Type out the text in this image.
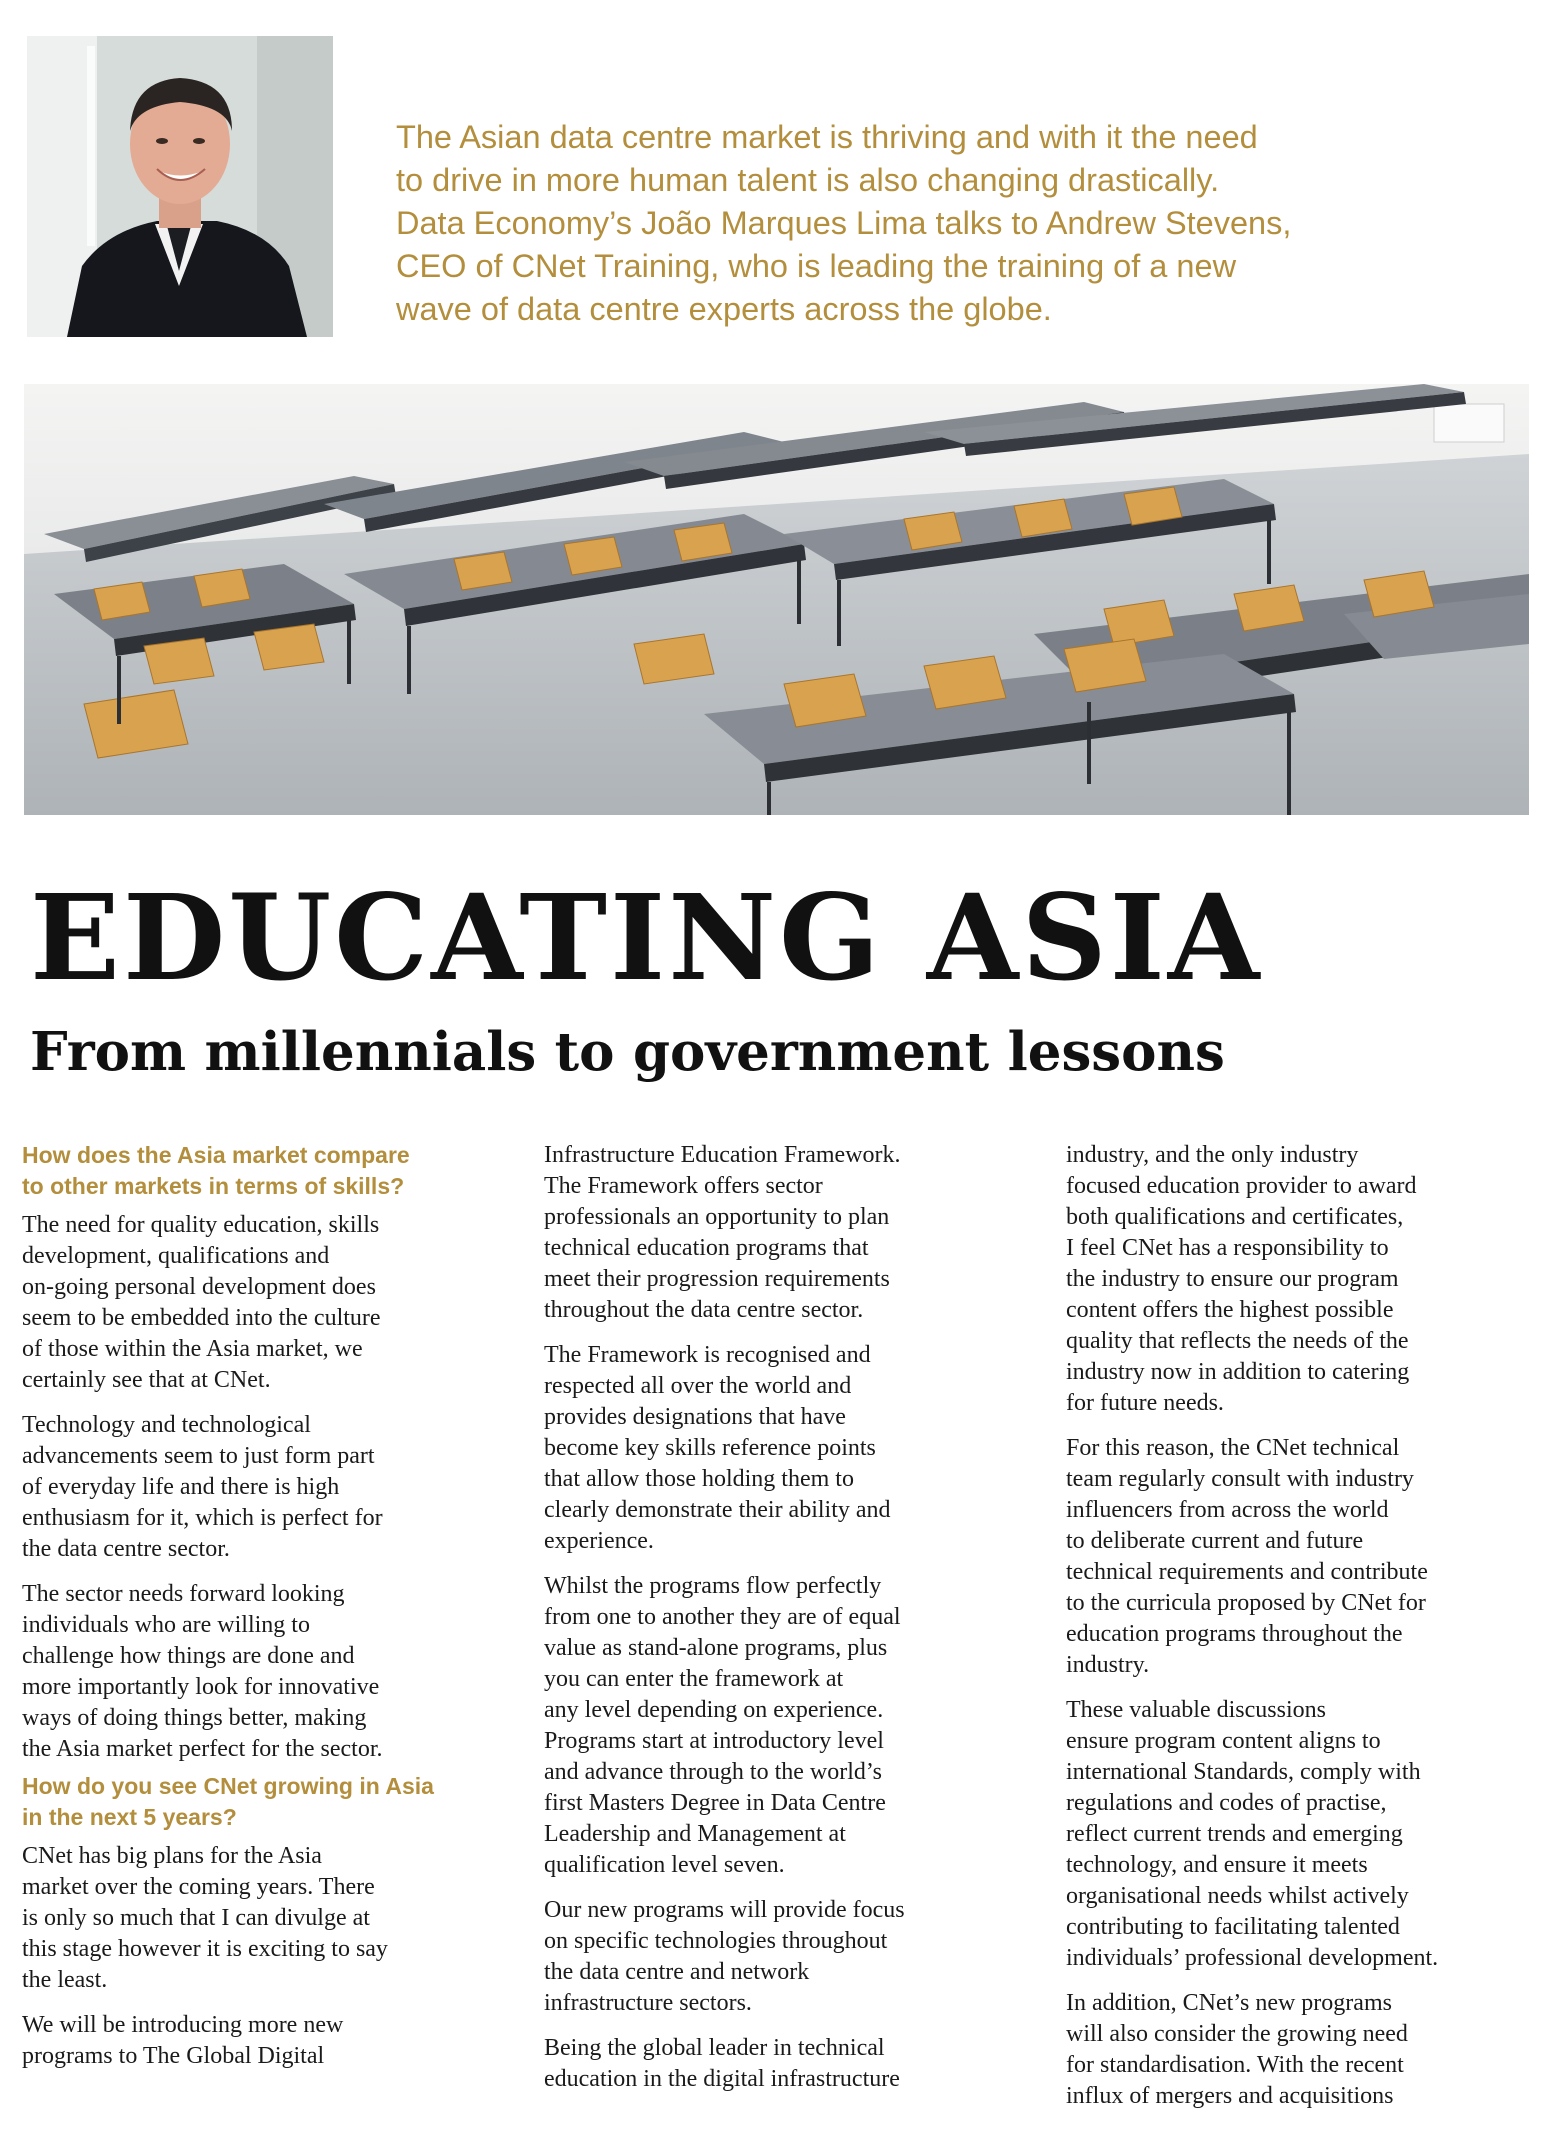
The Asian data centre market is thriving and with it the need

to drive in more human talent is also changing drastically.

Data Economy’s João Marques Lima talks to Andrew Stevens,

CEO of CNet Training, who is leading the training of a new

wave of data centre experts across the globe.

EDUCATING ASIA
From millennials to government lessons
How does the Asia market compare
to other markets in terms of skills?
The need for quality education, skills
development, qualifications and
on-going personal development does
seem to be embedded into the culture
of those within the Asia market, we
certainly see that at CNet.
Technology and technological
advancements seem to just form part
of everyday life and there is high
enthusiasm for it, which is perfect for
the data centre sector.
The sector needs forward looking
individuals who are willing to
challenge how things are done and
more importantly look for innovative
ways of doing things better, making
the Asia market perfect for the sector.
How do you see CNet growing in Asia
in the next 5 years?
CNet has big plans for the Asia
market over the coming years. There
is only so much that I can divulge at
this stage however it is exciting to say
the least.
We will be introducing more new
programs to The Global Digital
Infrastructure Education Framework.
The Framework offers sector
professionals an opportunity to plan
technical education programs that
meet their progression requirements
throughout the data centre sector.
The Framework is recognised and
respected all over the world and
provides designations that have
become key skills reference points
that allow those holding them to
clearly demonstrate their ability and
experience.
Whilst the programs flow perfectly
from one to another they are of equal
value as stand-alone programs, plus
you can enter the framework at
any level depending on experience.
Programs start at introductory level
and advance through to the world’s
first Masters Degree in Data Centre
Leadership and Management at
qualification level seven.
Our new programs will provide focus
on specific technologies throughout
the data centre and network
infrastructure sectors.
Being the global leader in technical
education in the digital infrastructure
industry, and the only industry
focused education provider to award
both qualifications and certificates,
I feel CNet has a responsibility to
the industry to ensure our program
content offers the highest possible
quality that reflects the needs of the
industry now in addition to catering
for future needs.
For this reason, the CNet technical
team regularly consult with industry
influencers from across the world
to deliberate current and future
technical requirements and contribute
to the curricula proposed by CNet for
education programs throughout the
industry.
These valuable discussions
ensure program content aligns to
international Standards, comply with
regulations and codes of practise,
reflect current trends and emerging
technology, and ensure it meets
organisational needs whilst actively
contributing to facilitating talented
individuals’ professional development.
In addition, CNet’s new programs
will also consider the growing need
for standardisation. With the recent
influx of mergers and acquisitions
